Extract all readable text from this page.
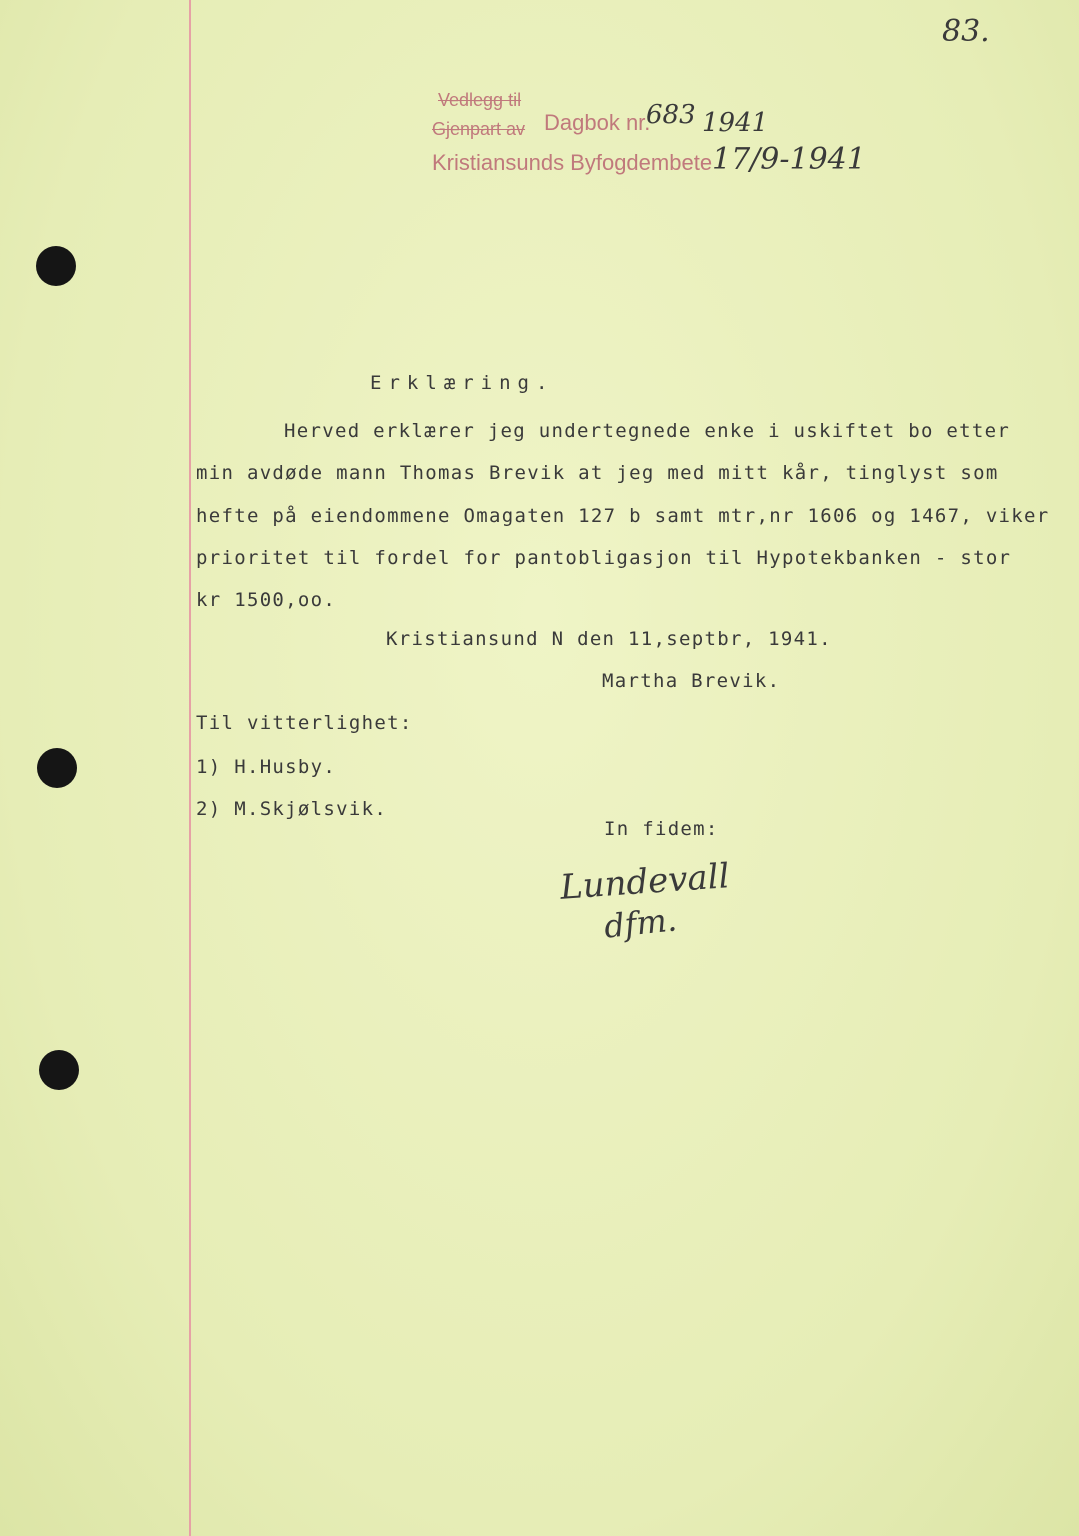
83.
Vedlegg til
Gjenpart av Dagbok nr.
683 1941
Kristiansunds Byfogdembete 17/9-1941
Erklæring.
Herved erklærer jeg undertegnede enke i uskiftet bo etter
min avdøde mann Thomas Brevik at jeg med mitt kår, tinglyst som
hefte på eiendommene Omagaten 127 b samt mtr,nr 1606 og 1467, viker
prioritet til fordel for pantobligasjon til Hypotekbanken - stor
kr 1500,oo.
Kristiansund N den 11,septbr, 1941.
Martha Brevik.
Til vitterlighet:
1) H.Husby.
2) M.Skjølsvik.
In fidem:
Lundevall
dfm.
